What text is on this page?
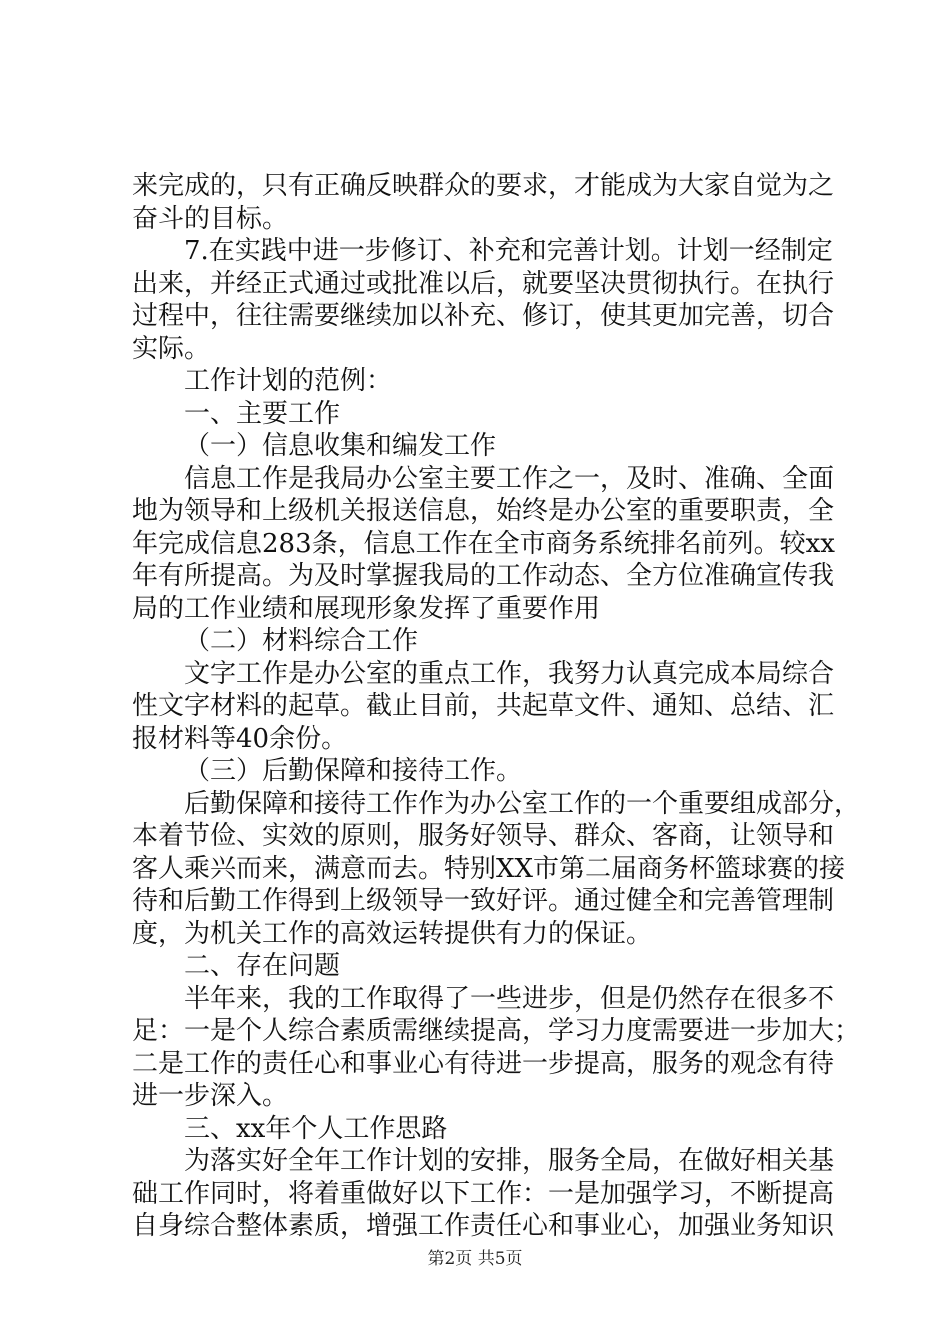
来完成的，只有正确反映群众的要求，才能成为大家自觉为之
奋斗的目标。
7.在实践中进一步修订、补充和完善计划。计划一经制定
出来，并经正式通过或批准以后，就要坚决贯彻执行。在执行
过程中，往往需要继续加以补充、修订，使其更加完善，切合
实际。
工作计划的范例：
一、主要工作
（一）信息收集和编发工作
信息工作是我局办公室主要工作之一，及时、准确、全面
地为领导和上级机关报送信息，始终是办公室的重要职责，全
年完成信息283条，信息工作在全市商务系统排名前列。较xx
年有所提高。为及时掌握我局的工作动态、全方位准确宣传我
局的工作业绩和展现形象发挥了重要作用
（二）材料综合工作
文字工作是办公室的重点工作，我努力认真完成本局综合
性文字材料的起草。截止目前，共起草文件、通知、总结、汇
报材料等40余份。
（三）后勤保障和接待工作。
后勤保障和接待工作作为办公室工作的一个重要组成部分，
本着节俭、实效的原则，服务好领导、群众、客商，让领导和
客人乘兴而来，满意而去。特别XX市第二届商务杯篮球赛的接
待和后勤工作得到上级领导一致好评。通过健全和完善管理制
度，为机关工作的高效运转提供有力的保证。
二、存在问题
半年来，我的工作取得了一些进步，但是仍然存在很多不
足：一是个人综合素质需继续提高，学习力度需要进一步加大；
二是工作的责任心和事业心有待进一步提高，服务的观念有待
进一步深入。
三、xx年个人工作思路
为落实好全年工作计划的安排，服务全局，在做好相关基
础工作同时，将着重做好以下工作：一是加强学习，不断提高
自身综合整体素质，增强工作责任心和事业心，加强业务知识
第2页 共5页
